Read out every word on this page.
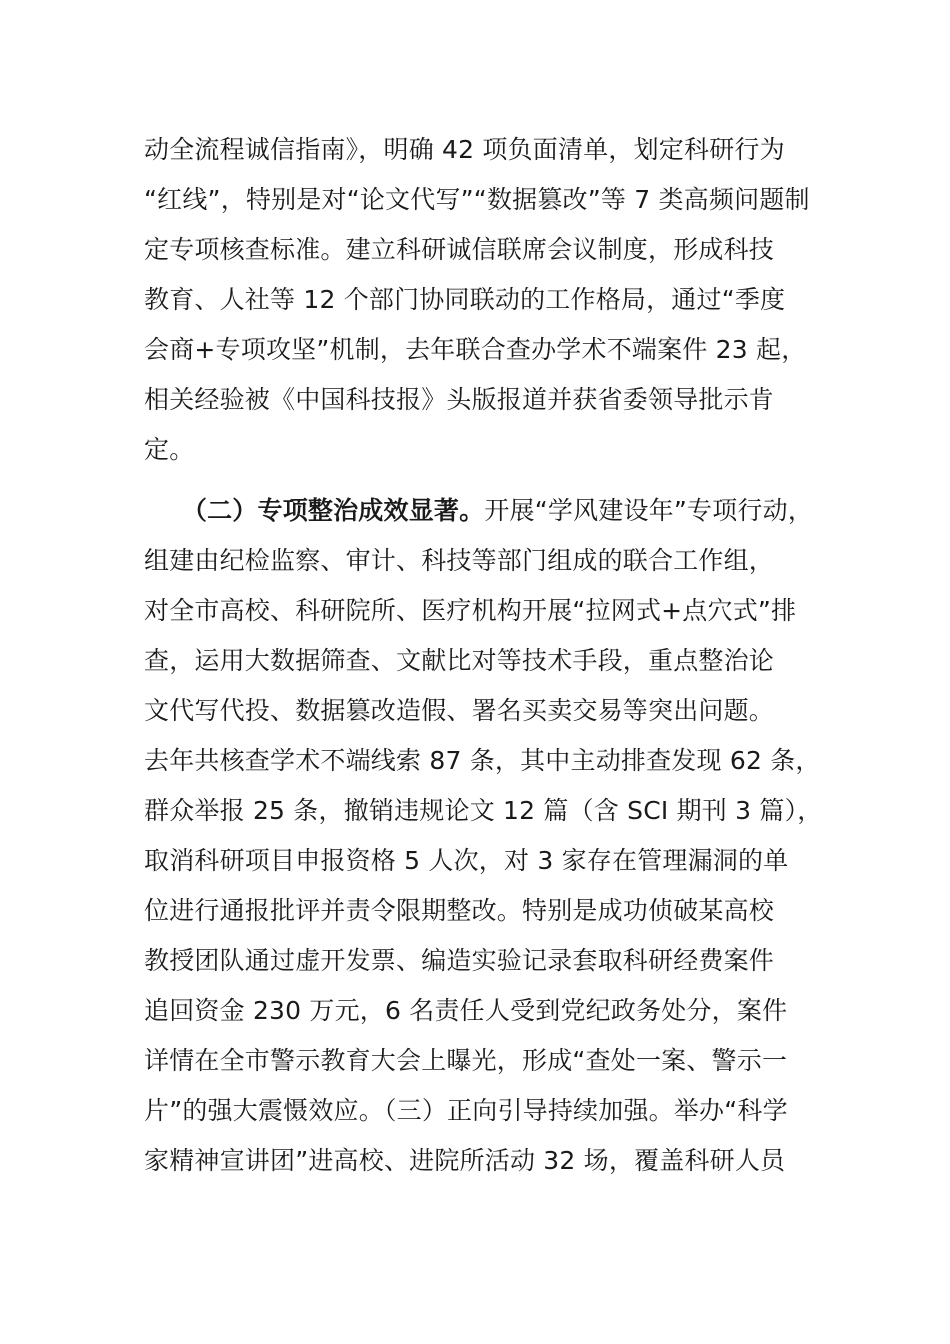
动全流程诚信指南》，明确 42 项负面清单，划定科研行为
“红线”，特别是对“论文代写”“数据篡改”等 7 类高频问题制
定专项核查标准。建立科研诚信联席会议制度，形成科技
教育、人社等 12 个部门协同联动的工作格局，通过“季度
会商+专项攻坚”机制，去年联合查办学术不端案件 23 起，
相关经验被《中国科技报》头版报道并获省委领导批示肯
定。
　　（二）专项整治成效显著。开展“学风建设年”专项行动，
组建由纪检监察、审计、科技等部门组成的联合工作组，
对全市高校、科研院所、医疗机构开展“拉网式+点穴式”排
查，运用大数据筛查、文献比对等技术手段，重点整治论
文代写代投、数据篡改造假、署名买卖交易等突出问题。
去年共核查学术不端线索 87 条，其中主动排查发现 62 条，
群众举报 25 条，撤销违规论文 12 篇（含 SCI 期刊 3 篇），
取消科研项目申报资格 5 人次，对 3 家存在管理漏洞的单
位进行通报批评并责令限期整改。特别是成功侦破某高校
教授团队通过虚开发票、编造实验记录套取科研经费案件
追回资金 230 万元，6 名责任人受到党纪政务处分，案件
详情在全市警示教育大会上曝光，形成“查处一案、警示一
片”的强大震慑效应。（三）正向引导持续加强。举办“科学
家精神宣讲团”进高校、进院所活动 32 场，覆盖科研人员
